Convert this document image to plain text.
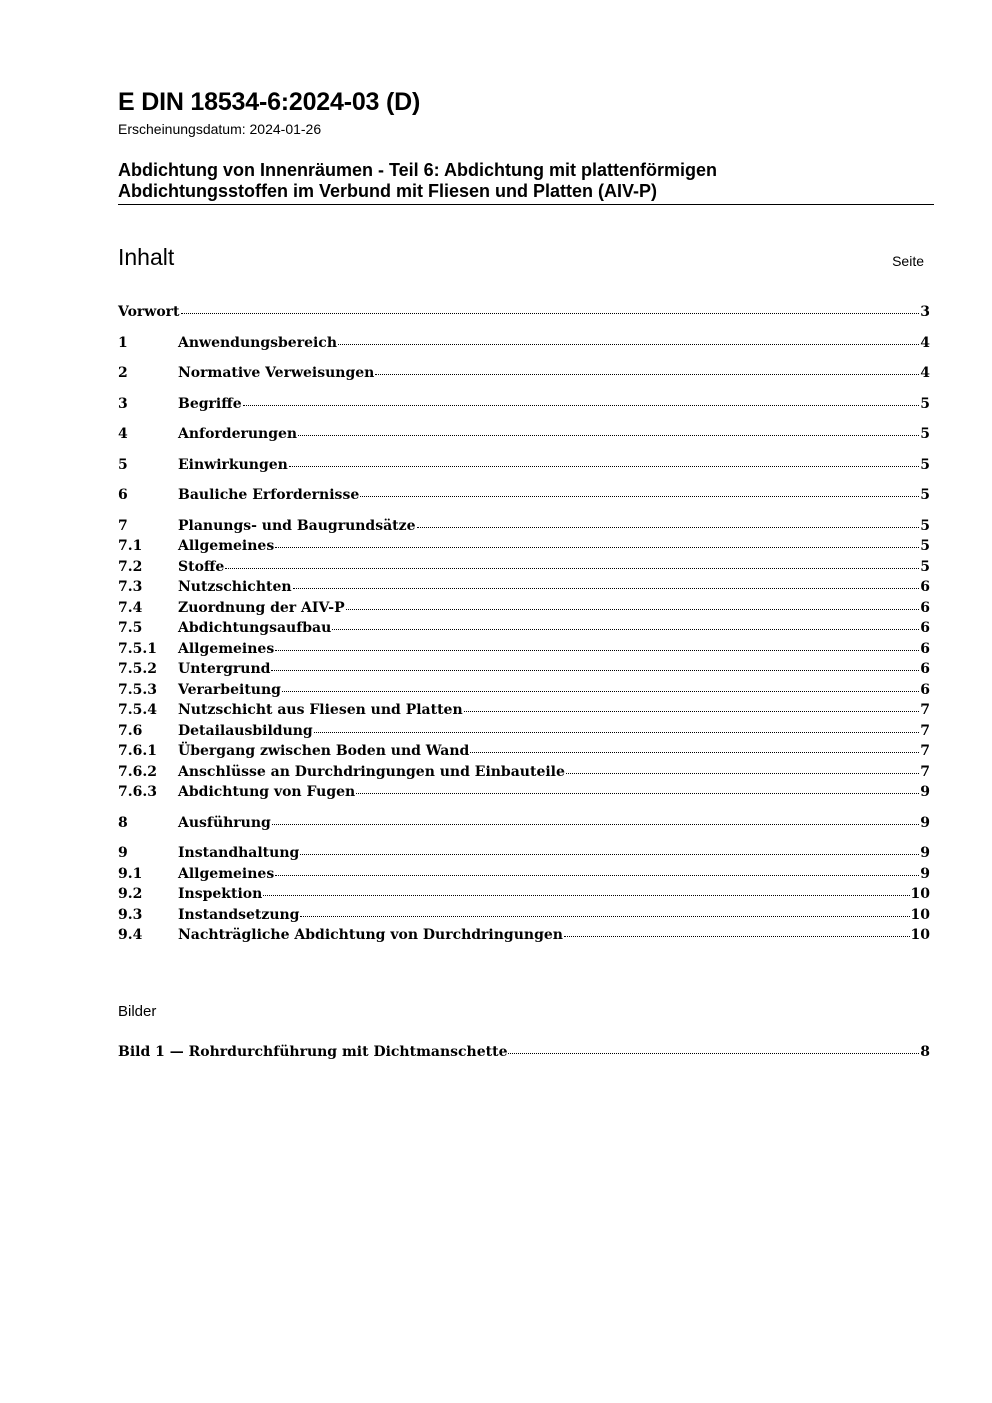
E DIN 18534-6:2024-03 (D)
Erscheinungsdatum: 2024-01-26
Abdichtung von Innenräumen - Teil 6: Abdichtung mit plattenförmigen
Abdichtungsstoffen im Verbund mit Fliesen und Platten (AIV-P)
Inhalt	Seite
Vorwort	3
1	Anwendungsbereich	4
2	Normative Verweisungen	4
3	Begriffe	5
4	Anforderungen	5
5	Einwirkungen	5
6	Bauliche Erfordernisse	5
7	Planungs- und Baugrundsätze	5
7.1	Allgemeines	5
7.2	Stoffe	5
7.3	Nutzschichten	6
7.4	Zuordnung der AIV-P	6
7.5	Abdichtungsaufbau	6
7.5.1	Allgemeines	6
7.5.2	Untergrund	6
7.5.3	Verarbeitung	6
7.5.4	Nutzschicht aus Fliesen und Platten	7
7.6	Detailausbildung	7
7.6.1	Übergang zwischen Boden und Wand	7
7.6.2	Anschlüsse an Durchdringungen und Einbauteile	7
7.6.3	Abdichtung von Fugen	9
8	Ausführung	9
9	Instandhaltung	9
9.1	Allgemeines	9
9.2	Inspektion	10
9.3	Instandsetzung	10
9.4	Nachträgliche Abdichtung von Durchdringungen	10
Bilder
Bild 1 — Rohrdurchführung mit Dichtmanschette	8
